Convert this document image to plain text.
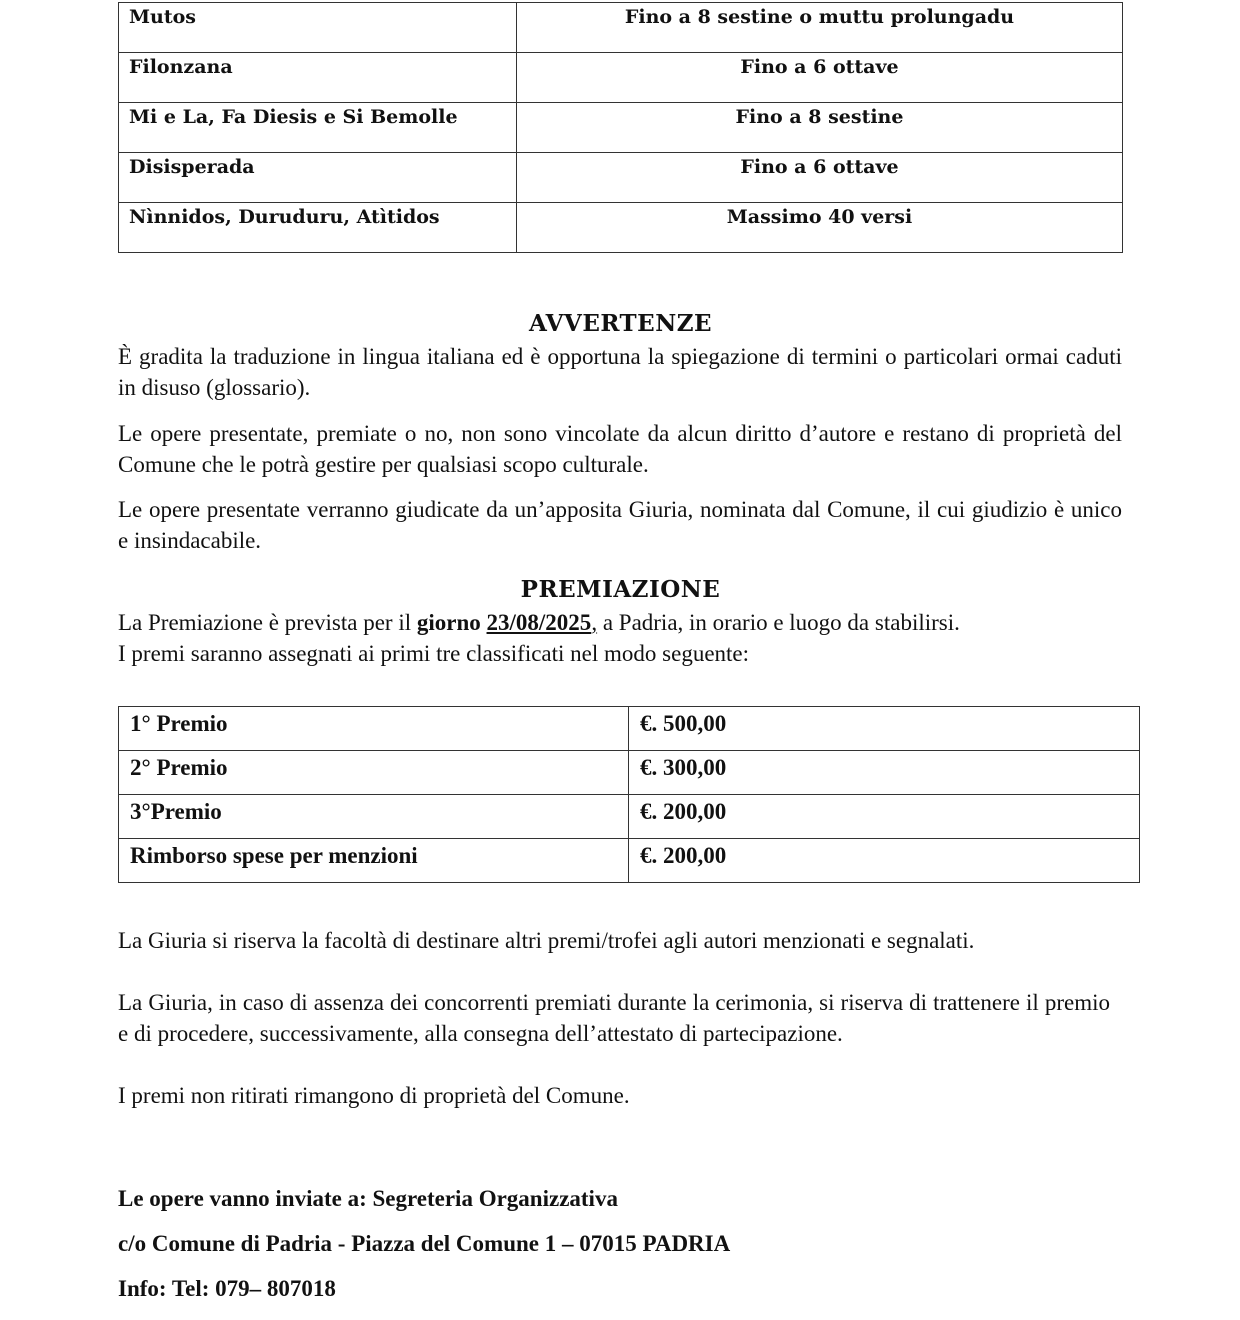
Mutos	Fino a 8 sestine o muttu prolungadu
Filonzana	Fino a 6 ottave
Mi e La, Fa Diesis e Si Bemolle	Fino a 8 sestine
Disisperada	Fino a 6 ottave
Nìnnidos, Duruduru, Atìtidos	Massimo 40 versi
AVVERTENZE
È gradita la traduzione in lingua italiana ed è opportuna la spiegazione di termini o particolari ormai caduti in disuso (glossario).
Le opere presentate, premiate o no, non sono vincolate da alcun diritto d’autore e restano di proprietà del Comune che le potrà gestire per qualsiasi scopo culturale.
Le opere presentate verranno giudicate da un’apposita Giuria, nominata dal Comune, il cui giudizio è unico e insindacabile.
PREMIAZIONE
La Premiazione è prevista per il giorno 23/08/2025, a Padria, in orario e luogo da stabilirsi.
I premi saranno assegnati ai primi tre classificati nel modo seguente:
1° Premio	€. 500,00
2° Premio	€. 300,00
3°Premio	€. 200,00
Rimborso spese per menzioni	€. 200,00
La Giuria si riserva la facoltà di destinare altri premi/trofei agli autori menzionati e segnalati.
La Giuria, in caso di assenza dei concorrenti premiati durante la cerimonia, si riserva di trattenere il premio e di procedere, successivamente, alla consegna dell’attestato di partecipazione.
I premi non ritirati rimangono di proprietà del Comune.
Le opere vanno inviate a: Segreteria Organizzativa
c/o Comune di Padria - Piazza del Comune 1 – 07015 PADRIA
Info: Tel: 079– 807018
